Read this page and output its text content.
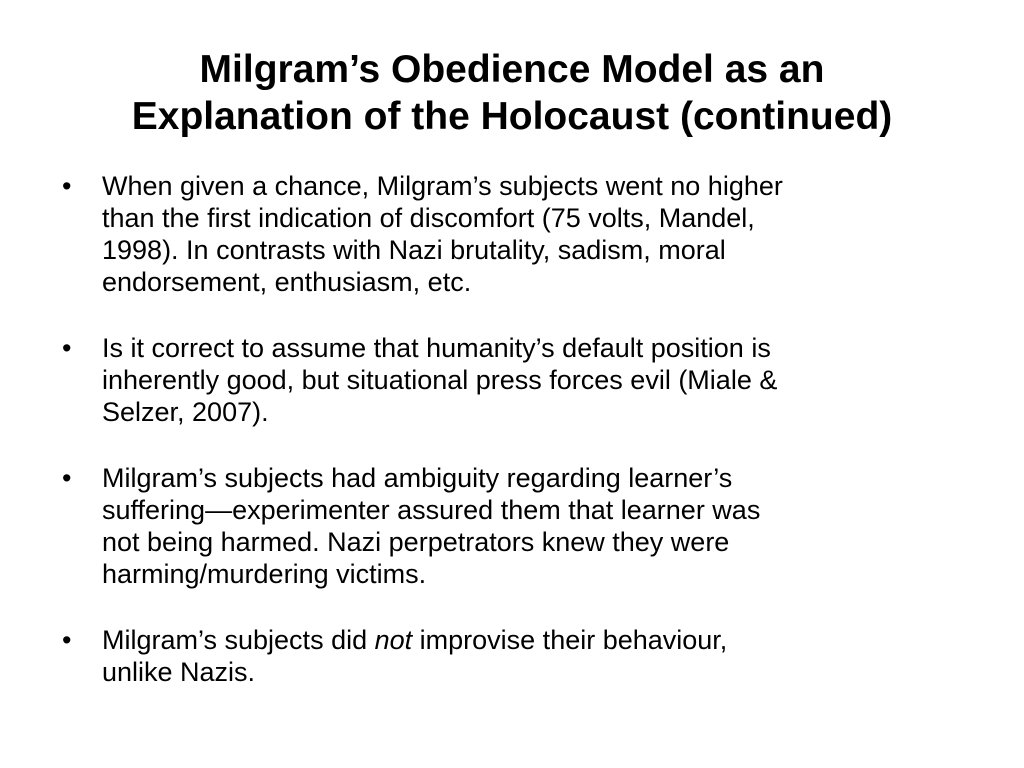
Milgram’s Obedience Model as an
Explanation of the Holocaust (continued)
• When given a chance, Milgram’s subjects went no higher
than the first indication of discomfort (75 volts, Mandel,
1998). In contrasts with Nazi brutality, sadism, moral
endorsement, enthusiasm, etc.
• Is it correct to assume that humanity’s default position is
inherently good, but situational press forces evil (Miale &
Selzer, 2007).
• Milgram’s subjects had ambiguity regarding learner’s
suffering—experimenter assured them that learner was
not being harmed. Nazi perpetrators knew they were
harming/murdering victims.
• Milgram’s subjects did not improvise their behaviour,
unlike Nazis.
